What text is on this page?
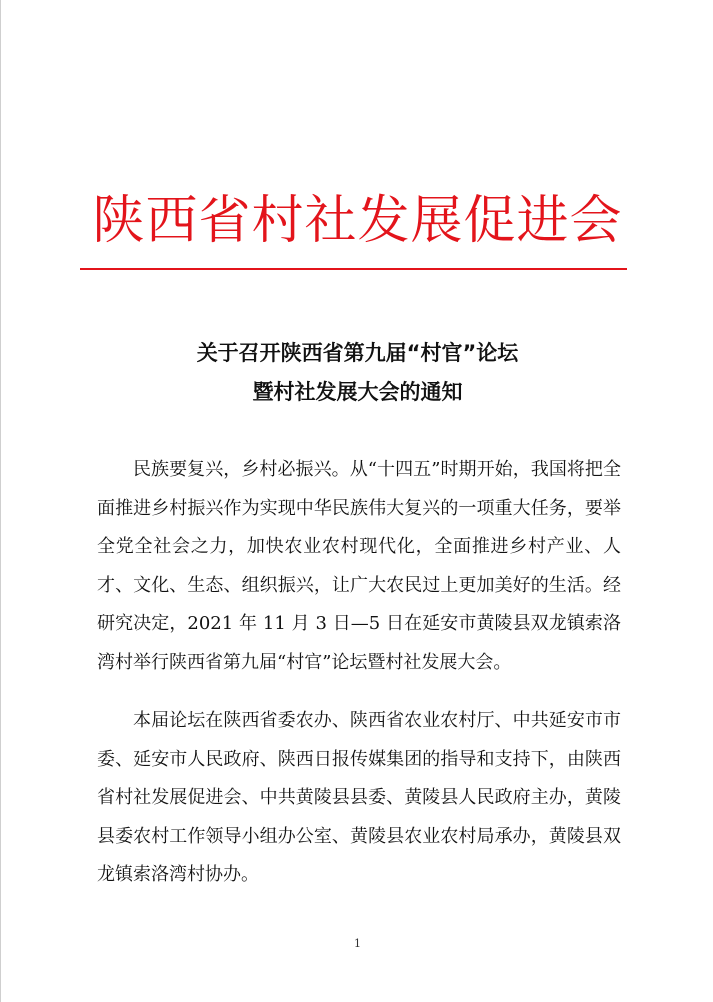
陕西省村社发展促进会
关于召开陕西省第九届“村官”论坛
暨村社发展大会的通知

民族要复兴，乡村必振兴。从“十四五”时期开始，我国将把全面推进乡村振兴作为实现中华民族伟大复兴的一项重大任务，要举全党全社会之力，加快农业农村现代化，全面推进乡村产业、人才、文化、生态、组织振兴，让广大农民过上更加美好的生活。经研究决定，2021 年 11 月 3 日—5 日在延安市黄陵县双龙镇索洛湾村举行陕西省第九届“村官”论坛暨村社发展大会。

本届论坛在陕西省委农办、陕西省农业农村厅、中共延安市市委、延安市人民政府、陕西日报传媒集团的指导和支持下，由陕西省村社发展促进会、中共黄陵县县委、黄陵县人民政府主办，黄陵县委农村工作领导小组办公室、黄陵县农业农村局承办，黄陵县双龙镇索洛湾村协办。

1
